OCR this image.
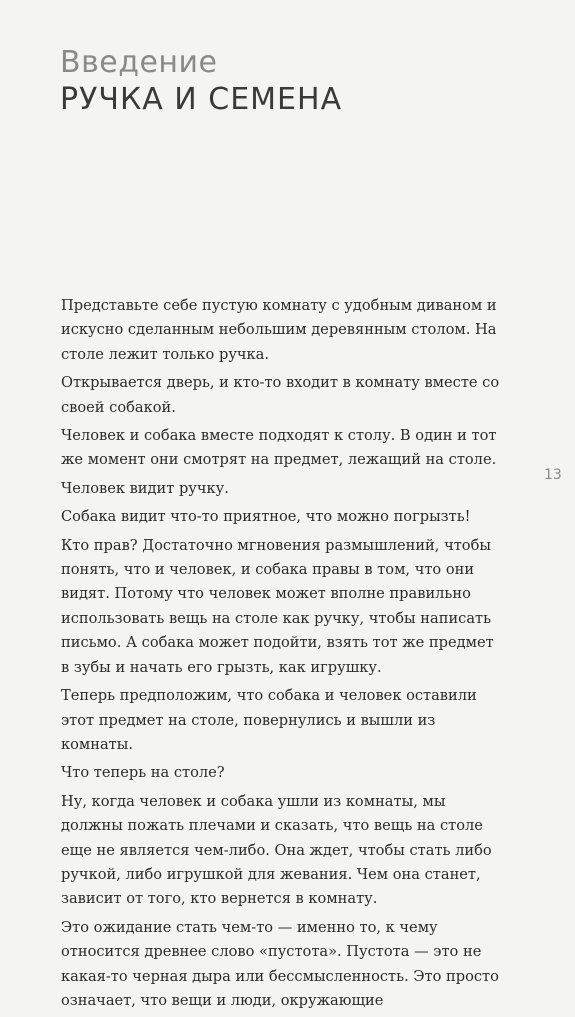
Введение
РУЧКА И СЕМЕНА

Представьте себе пустую комнату с удобным диваном и искусно сделанным небольшим деревянным столом. На столе лежит только ручка.

Открывается дверь, и кто-то входит в комнату вместе со своей собакой.

Человек и собака вместе подходят к столу. В один и тот же момент они смотрят на предмет, лежащий на столе.

Человек видит ручку.

Собака видит что-то приятное, что можно погрызть!

Кто прав? Достаточно мгновения размышлений, чтобы понять, что и человек, и собака правы в том, что они видят. Потому что человек может вполне правильно использовать вещь на столе как ручку, чтобы написать письмо. А собака может подойти, взять тот же предмет в зубы и начать его грызть, как игрушку.

Теперь предположим, что собака и человек оставили этот предмет на столе, повернулись и вышли из комнаты.

Что теперь на столе?

Ну, когда человек и собака ушли из комнаты, мы должны пожать плечами и сказать, что вещь на столе еще не является чем-либо. Она ждет, чтобы стать либо ручкой, либо игрушкой для жевания. Чем она станет, зависит от того, кто вернется в комнату.

Это ожидание стать чем-то — именно то, к чему относится древнее слово «пустота». Пустота — это не какая-то черная дыра или бессмысленность. Это просто означает, что вещи и люди, окружающие

13
